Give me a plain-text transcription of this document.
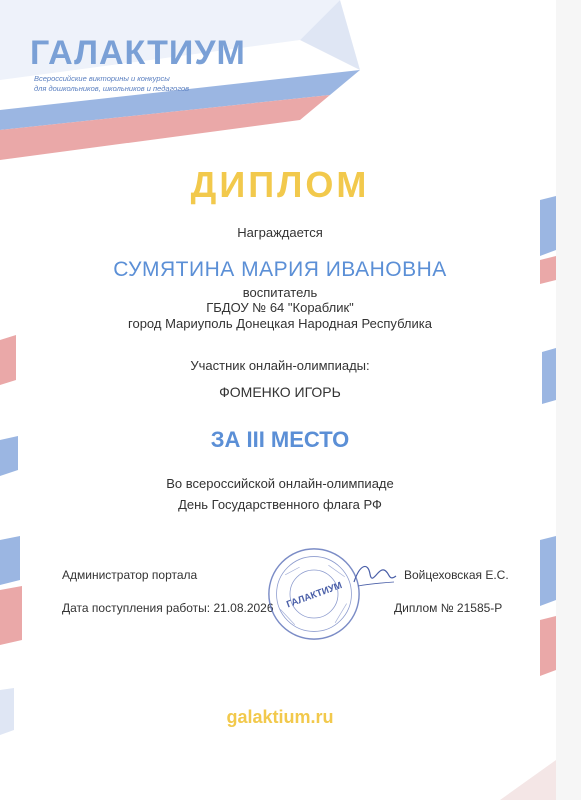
ГАЛАКТИУМ
Всероссийские викторины и конкурсы
для дошкольников, школьников и педагогов
ДИПЛОМ
Награждается
СУМЯТИНА МАРИЯ ИВАНОВНА
воспитатель
ГБДОУ № 64 "Кораблик"
город Мариуполь Донецкая Народная Республика
Участник онлайн-олимпиады:
ФОМЕНКО ИГОРЬ
ЗА III МЕСТО
Во всероссийской онлайн-олимпиаде
День Государственного флага РФ
Администратор портала	Войцеховская Е.С.
Дата поступления работы: 21.08.2026	Диплом № 21585-Р
ГАЛАКТИУМ
galaktium.ru
